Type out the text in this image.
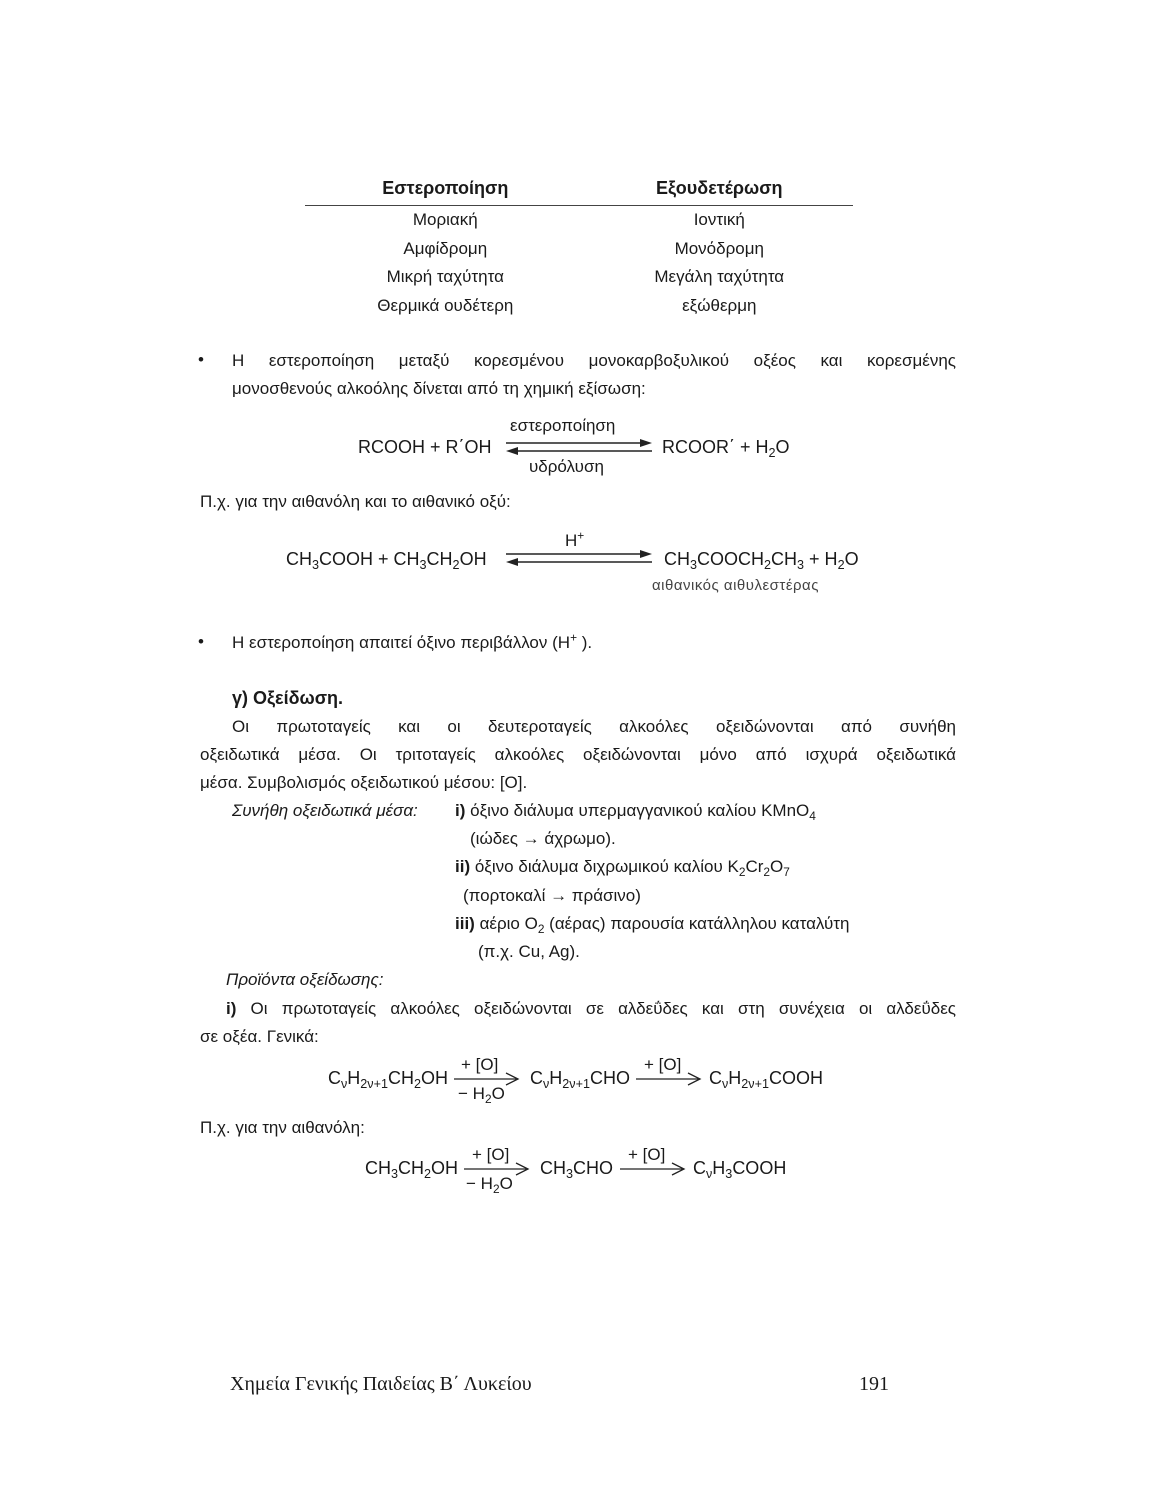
Εστεροποίηση	Εξουδετέρωση
Μοριακή	Ιοντική
Αμφίδρομη	Μονόδρομη
Μικρή ταχύτητα	Μεγάλη ταχύτητα
Θερμικά ουδέτερη	εξώθερμη
• Η εστεροποίηση μεταξύ κορεσμένου μονοκαρβοξυλικού οξέος και κορεσμένης
μονοσθενούς αλκοόλης δίνεται από τη χημική εξίσωση:
εστεροποίηση
RCOOH + R΄OH	RCOOR΄ + $H_2O$
υδρόλυση
Π.χ. για την αιθανόλη και το αιθανικό οξύ:
H+
$CH_3COOH + CH_3CH_2OH$	$CH_3COOCH_2CH_3 + H_2O$
αιθανικός αιθυλεστέρας
• Η εστεροποίηση απαιτεί όξινο περιβάλλον (H+ ).
γ) Οξείδωση.
Οι πρωτοταγείς και οι δευτεροταγείς αλκοόλες οξειδώνονται από συνήθη
οξειδωτικά μέσα. Οι τριτοταγείς αλκοόλες οξειδώνονται μόνο από ισχυρά οξειδωτικά
μέσα. Συμβολισμός οξειδωτικού μέσου: [O].
Συνήθη οξειδωτικά μέσα: i) όξινο διάλυμα υπερμαγγανικού καλίου KMnO$_4$
(ιώδες → άχρωμο).
ii) όξινο διάλυμα διχρωμικού καλίου $K_2Cr_2O_7$
(πορτοκαλί → πράσινο)
iii) αέριο $O_2$ (αέρας) παρουσία κατάλληλου καταλύτη
(π.χ. Cu, Ag).
Προϊόντα οξείδωσης:
i) Οι πρωτοταγείς αλκοόλες οξειδώνονται σε αλδεΰδες και στη συνέχεια οι αλδεΰδες
σε οξέα. Γενικά:
$C_\nu H_{2\nu+1}CH_2OH$
+ [O]
− $H_2O$
$C_\nu H_{2\nu+1}CHO$
+ [O]
$C_\nu H_{2\nu+1}COOH$
Π.χ. για την αιθανόλη:
$CH_3CH_2OH$
+ [O]
− $H_2O$
$CH_3CHO$
+ [O]
$C_\nu H_3COOH$
Χημεία Γενικής Παιδείας Β΄ Λυκείου	191
